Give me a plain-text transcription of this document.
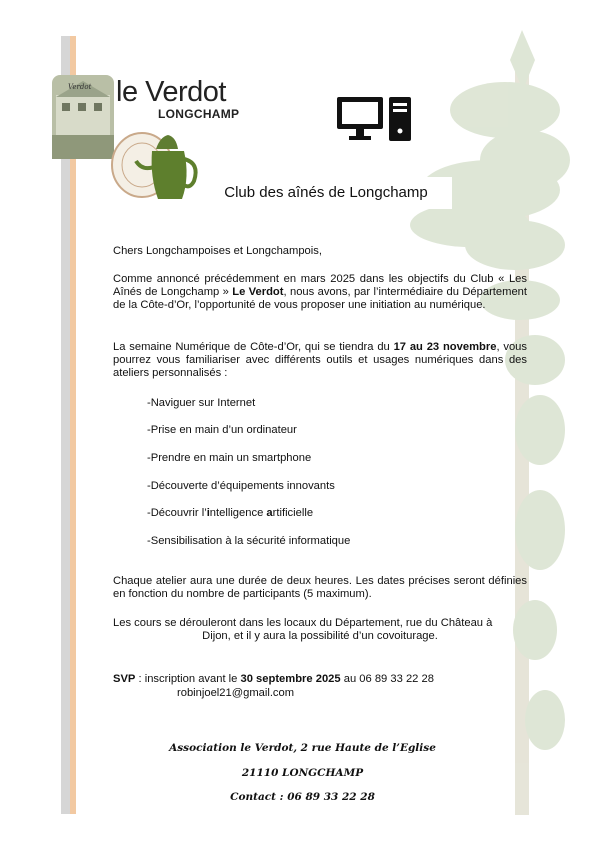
Verdot le Verdot
LONGCHAMP
Club des aînés de Longchamp
Chers Longchampoises et Longchampois,

Comme annoncé précédemment en mars 2025 dans les objectifs du Club « Les Aînés de Longchamp » Le Verdot, nous avons, par l’intermédiaire du Département de la Côte-d’Or, l’opportunité de vous proposer une initiation au numérique.

La semaine Numérique de Côte-d’Or, qui se tiendra du 17 au 23 novembre, vous pourrez vous familiariser avec différents outils et usages numériques dans des ateliers personnalisés :

-Naviguer sur Internet
-Prise en main d’un ordinateur
-Prendre en main un smartphone
-Découverte d’équipements innovants
-Découvrir l’intelligence artificielle
-Sensibilisation à la sécurité informatique

Chaque atelier aura une durée de deux heures. Les dates précises seront définies en fonction du nombre de participants (5 maximum).

Les cours se dérouleront dans les locaux du Département, rue du Château à

Dijon, et il y aura la possibilité d’un covoiturage.

SVP : inscription avant le 30 septembre 2025 au 06 89 33 22 28
robinjoel21@gmail.com
Association le Verdot, 2 rue Haute de l’Eglise
21110 LONGCHAMP
Contact : 06 89 33 22 28
